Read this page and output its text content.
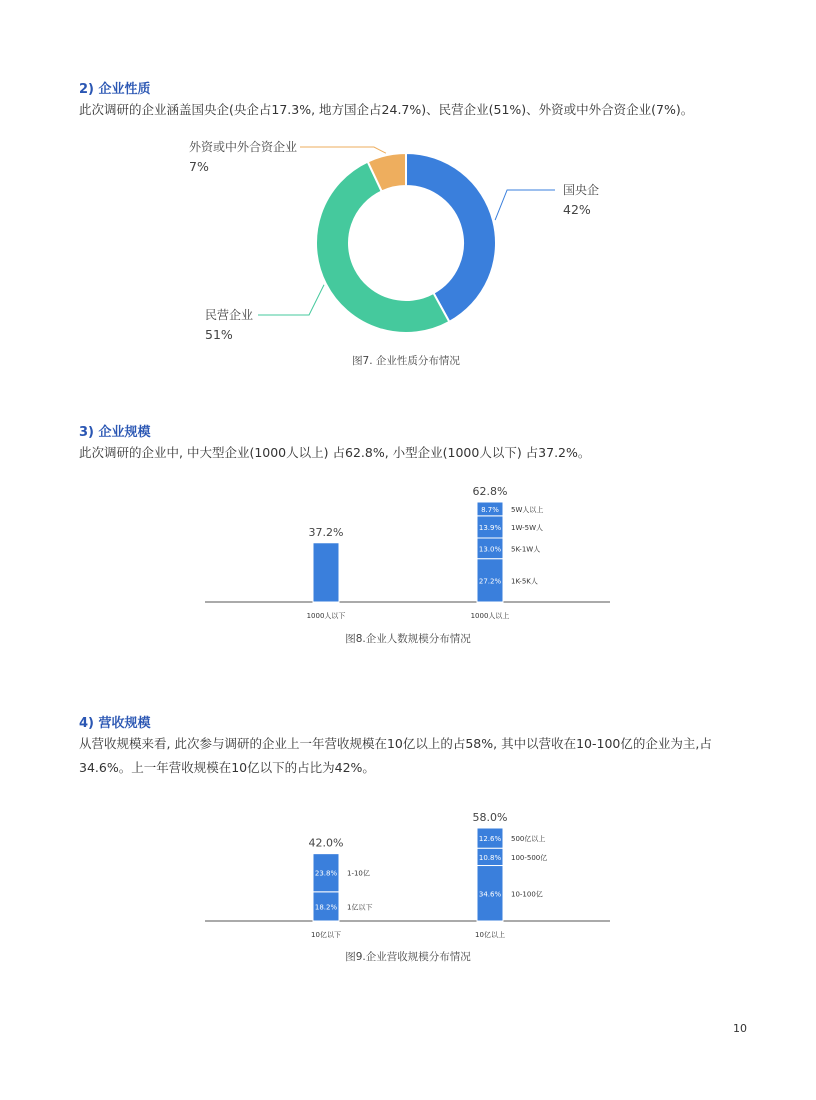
2) 企业性质
此次调研的企业涵盖国央企(央企占17.3%, 地方国企占24.7%)、民营企业(51%)、外资或中外合资企业(7%)。
国央企
42%
民营企业
51%
外资或中外合资企业
7%
图7. 企业性质分布情况
3) 企业规模
此次调研的企业中, 中大型企业(1000人以上) 占62.8%, 小型企业(1000人以下) 占37.2%。
37.2%
1000人以下
27.2% 1K-5K人
13.0% 5K-1W人
13.9% 1W-5W人
8.7% 5W人以上
62.8%
1000人以上
图8.企业人数规模分布情况
4) 营收规模
从营收规模来看, 此次参与调研的企业上一年营收规模在10亿以上的占58%, 其中以营收在10-100亿的企业为主,占
34.6%。上一年营收规模在10亿以下的占比为42%。
18.2% 1亿以下
23.8% 1-10亿
42.0%
10亿以下
34.6% 10-100亿
10.8% 100-500亿
12.6% 500亿以上
58.0%
10亿以上
图9.企业营收规模分布情况
10
